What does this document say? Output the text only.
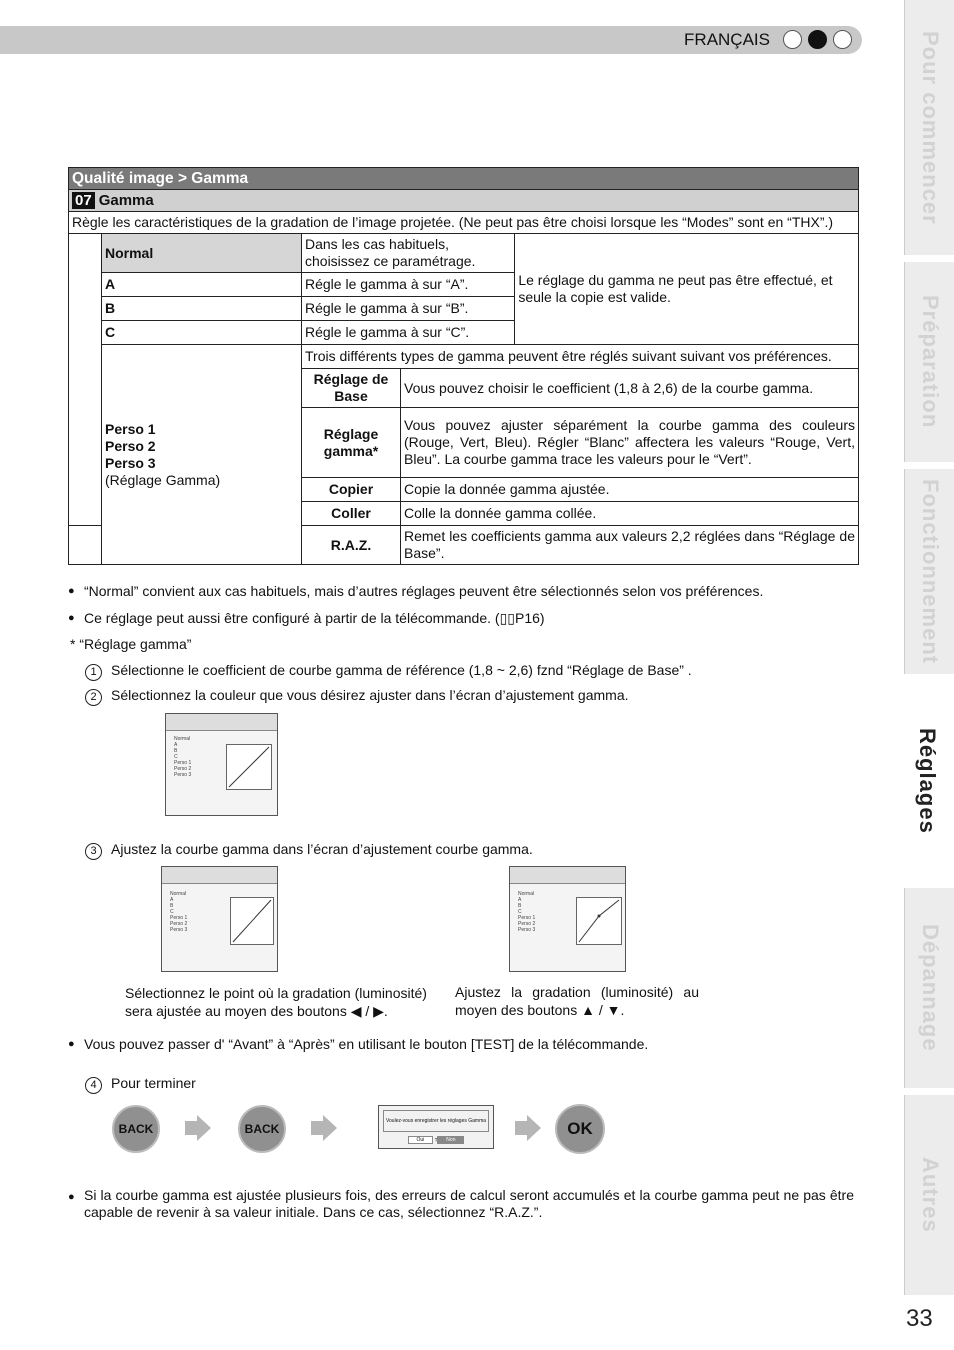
FRANÇAIS	Pour commencer
Préparation
Fonctionnement
Réglages
Dépannage
Autres
33
Qualité image > Gamma				
07 Gamma				
Règle les caractéristiques de la gradation de l’image projetée. (Ne peut pas être choisi lorsque les “Modes” sont en “THX”.)				
	Normal	Dans les cas habituels, choisissez ce paramétrage.		Le réglage du gamma ne peut pas être effectué, et seule la copie est valide.
	A	Régle le gamma à sur “A”.		
	B	Régle le gamma à sur “B”.		
	C	Régle le gamma à sur “C”.		

	Perso 1
Perso 2
Perso 3
(Réglage Gamma)	Trois différents types de gamma peuvent être réglés suivant suivant vos préférences.		
		Réglage de Base	Vous pouvez choisir le coefficient (1,8 à 2,6) de la courbe gamma.	
		Réglage gamma*	Vous pouvez ajuster séparément la courbe gamma des couleurs (Rouge, Vert, Bleu). Régler “Blanc” affectera les valeurs “Rouge, Vert, Bleu”. La courbe gamma trace les valeurs pour le “Vert”.	
		Copier	Copie la donnée gamma ajustée.	
		Coller	Colle la donnée gamma collée.	
		R.A.Z.	Remet les coefficients gamma aux valeurs 2,2 réglées dans “Réglage de Base”.	
● “Normal” convient aux cas habituels, mais d’autres réglages peuvent être sélectionnés selon vos préférences.
● Ce réglage peut aussi être configuré à partir de la télécommande. (▯▯P16)
* “Réglage gamma”
1 Sélectionne le coefficient de courbe gamma de référence (1,8 ~ 2,6) fznd “Réglage de Base” .
2 Sélectionnez la couleur que vous désirez ajuster dans l’écran d’ajustement gamma.
Normal
A
B
C
Perso 1
Perso 2
Perso 3
3 Ajustez la courbe gamma dans l’écran d’ajustement courbe gamma.
Normal
A
B
C
Perso 1
Perso 2
Perso 3
Normal
A
B
C
Perso 1
Perso 2
Perso 3
Sélectionnez le point où la gradation (luminosité) sera ajustée au moyen des boutons ◀ / ▶.
Ajustez la gradation (luminosité) au moyen des boutons ▲ / ▼.
● Vous pouvez passer d' “Avant” à “Après” en utilisant le bouton [TEST] de la télécommande.
4 Pour terminer
BACK	BACK
Voulez-vous enregistrer les réglages Gamma ?
Oui	Non
OK
● Si la courbe gamma est ajustée plusieurs fois, des erreurs de calcul seront accumulés et la courbe gamma peut ne pas être capable de revenir à sa valeur initiale. Dans ce cas, sélectionnez “R.A.Z.”.
